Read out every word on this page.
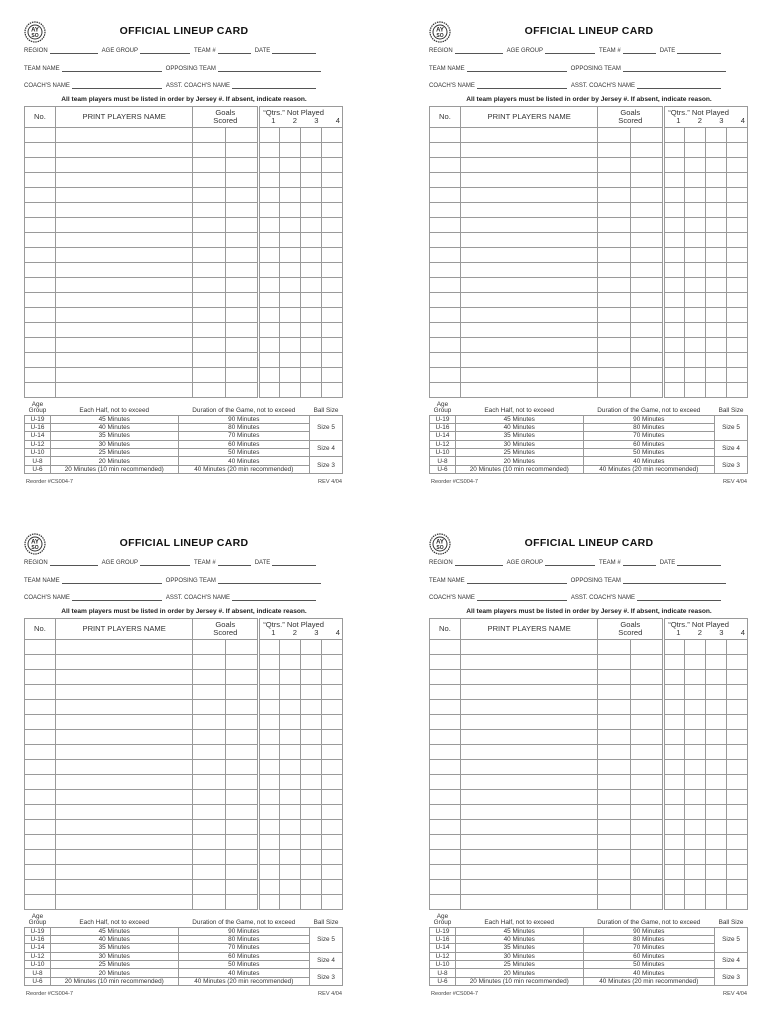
AY
SO	OFFICIAL LINEUP CARD
REGION	AGE GROUP	TEAM #	DATE
TEAM NAME	OPPOSING TEAM
COACH'S NAME	ASST. COACH'S NAME
All team players must be listed in order by Jersey #. If absent, indicate reason.
No.	PRINT PLAYERS NAME	Goals Scored		“Qtrs.” Not Played
1 2 3 4			

Age Group	Each Half, not to exceed	Duration of the Game, not to exceed	Ball Size
U-19	45 Minutes	90 Minutes	Size 5
U-16	40 Minutes	80 Minutes	
U-14	35 Minutes	70 Minutes	
U-12	30 Minutes	60 Minutes	Size 4
U-10	25 Minutes	50 Minutes	
U-8	20 Minutes	40 Minutes	Size 3
U-6	20 Minutes (10 min recommended)	40 Minutes (20 min recommended)	
Reorder #CS004-7	REV 4/04
AY
SO	OFFICIAL LINEUP CARD
REGION	AGE GROUP	TEAM #	DATE
TEAM NAME	OPPOSING TEAM
COACH'S NAME	ASST. COACH'S NAME
All team players must be listed in order by Jersey #. If absent, indicate reason.
No.	PRINT PLAYERS NAME	Goals Scored		“Qtrs.” Not Played
1 2 3 4			

Age Group	Each Half, not to exceed	Duration of the Game, not to exceed	Ball Size
U-19	45 Minutes	90 Minutes	Size 5
U-16	40 Minutes	80 Minutes	
U-14	35 Minutes	70 Minutes	
U-12	30 Minutes	60 Minutes	Size 4
U-10	25 Minutes	50 Minutes	
U-8	20 Minutes	40 Minutes	Size 3
U-6	20 Minutes (10 min recommended)	40 Minutes (20 min recommended)	
Reorder #CS004-7	REV 4/04
AY
SO	OFFICIAL LINEUP CARD
REGION	AGE GROUP	TEAM #	DATE
TEAM NAME	OPPOSING TEAM
COACH'S NAME	ASST. COACH'S NAME
All team players must be listed in order by Jersey #. If absent, indicate reason.
No.	PRINT PLAYERS NAME	Goals Scored		“Qtrs.” Not Played
1 2 3 4			

Age Group	Each Half, not to exceed	Duration of the Game, not to exceed	Ball Size
U-19	45 Minutes	90 Minutes	Size 5
U-16	40 Minutes	80 Minutes	
U-14	35 Minutes	70 Minutes	
U-12	30 Minutes	60 Minutes	Size 4
U-10	25 Minutes	50 Minutes	
U-8	20 Minutes	40 Minutes	Size 3
U-6	20 Minutes (10 min recommended)	40 Minutes (20 min recommended)	
Reorder #CS004-7	REV 4/04
AY
SO	OFFICIAL LINEUP CARD
REGION	AGE GROUP	TEAM #	DATE
TEAM NAME	OPPOSING TEAM
COACH'S NAME	ASST. COACH'S NAME
All team players must be listed in order by Jersey #. If absent, indicate reason.
No.	PRINT PLAYERS NAME	Goals Scored		“Qtrs.” Not Played
1 2 3 4			

Age Group	Each Half, not to exceed	Duration of the Game, not to exceed	Ball Size
U-19	45 Minutes	90 Minutes	Size 5
U-16	40 Minutes	80 Minutes	
U-14	35 Minutes	70 Minutes	
U-12	30 Minutes	60 Minutes	Size 4
U-10	25 Minutes	50 Minutes	
U-8	20 Minutes	40 Minutes	Size 3
U-6	20 Minutes (10 min recommended)	40 Minutes (20 min recommended)	
Reorder #CS004-7	REV 4/04
